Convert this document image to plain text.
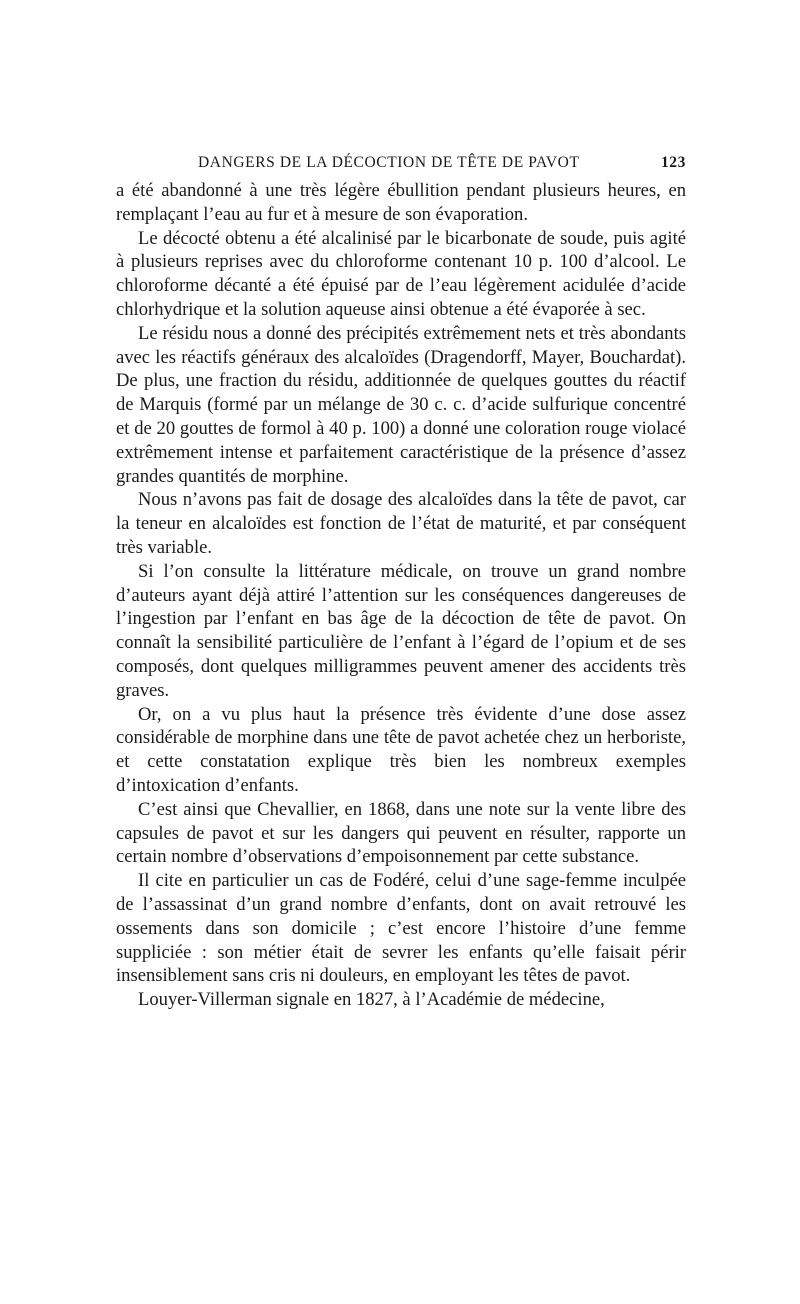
DANGERS DE LA DÉCOCTION DE TÊTE DE PAVOT	123

a été abandonné à une très légère ébullition pendant plusieurs heures, en remplaçant l’eau au fur et à mesure de son évaporation.

Le décocté obtenu a été alcalinisé par le bicarbonate de soude, puis agité à plusieurs reprises avec du chloroforme contenant 10 p. 100 d’alcool. Le chloroforme décanté a été épuisé par de l’eau légèrement acidulée d’acide chlorhydrique et la solution aqueuse ainsi obtenue a été évaporée à sec.

Le résidu nous a donné des précipités extrêmement nets et très abondants avec les réactifs généraux des alcaloïdes (Dragendorff, Mayer, Bouchardat). De plus, une fraction du résidu, additionnée de quelques gouttes du réactif de Marquis (formé par un mélange de 30 c. c. d’acide sulfurique concentré et de 20 gouttes de formol à 40 p. 100) a donné une coloration rouge violacé extrêmement intense et parfaitement caractéristique de la présence d’assez grandes quantités de morphine.

Nous n’avons pas fait de dosage des alcaloïdes dans la tête de pavot, car la teneur en alcaloïdes est fonction de l’état de maturité, et par conséquent très variable.

Si l’on consulte la littérature médicale, on trouve un grand nombre d’auteurs ayant déjà attiré l’attention sur les conséquences dangereuses de l’ingestion par l’enfant en bas âge de la décoction de tête de pavot. On connaît la sensibilité particulière de l’enfant à l’égard de l’opium et de ses composés, dont quelques milligrammes peuvent amener des accidents très graves.

Or, on a vu plus haut la présence très évidente d’une dose assez considérable de morphine dans une tête de pavot achetée chez un herboriste, et cette constatation explique très bien les nombreux exemples d’intoxication d’enfants.

C’est ainsi que Chevallier, en 1868, dans une note sur la vente libre des capsules de pavot et sur les dangers qui peuvent en résulter, rapporte un certain nombre d’observations d’empoisonnement par cette substance.

Il cite en particulier un cas de Fodéré, celui d’une sage-femme inculpée de l’assassinat d’un grand nombre d’enfants, dont on avait retrouvé les ossements dans son domicile ; c’est encore l’histoire d’une femme suppliciée : son métier était de sevrer les enfants qu’elle faisait périr insensiblement sans cris ni douleurs, en employant les têtes de pavot.

Louyer-Villerman signale en 1827, à l’Académie de médecine,
